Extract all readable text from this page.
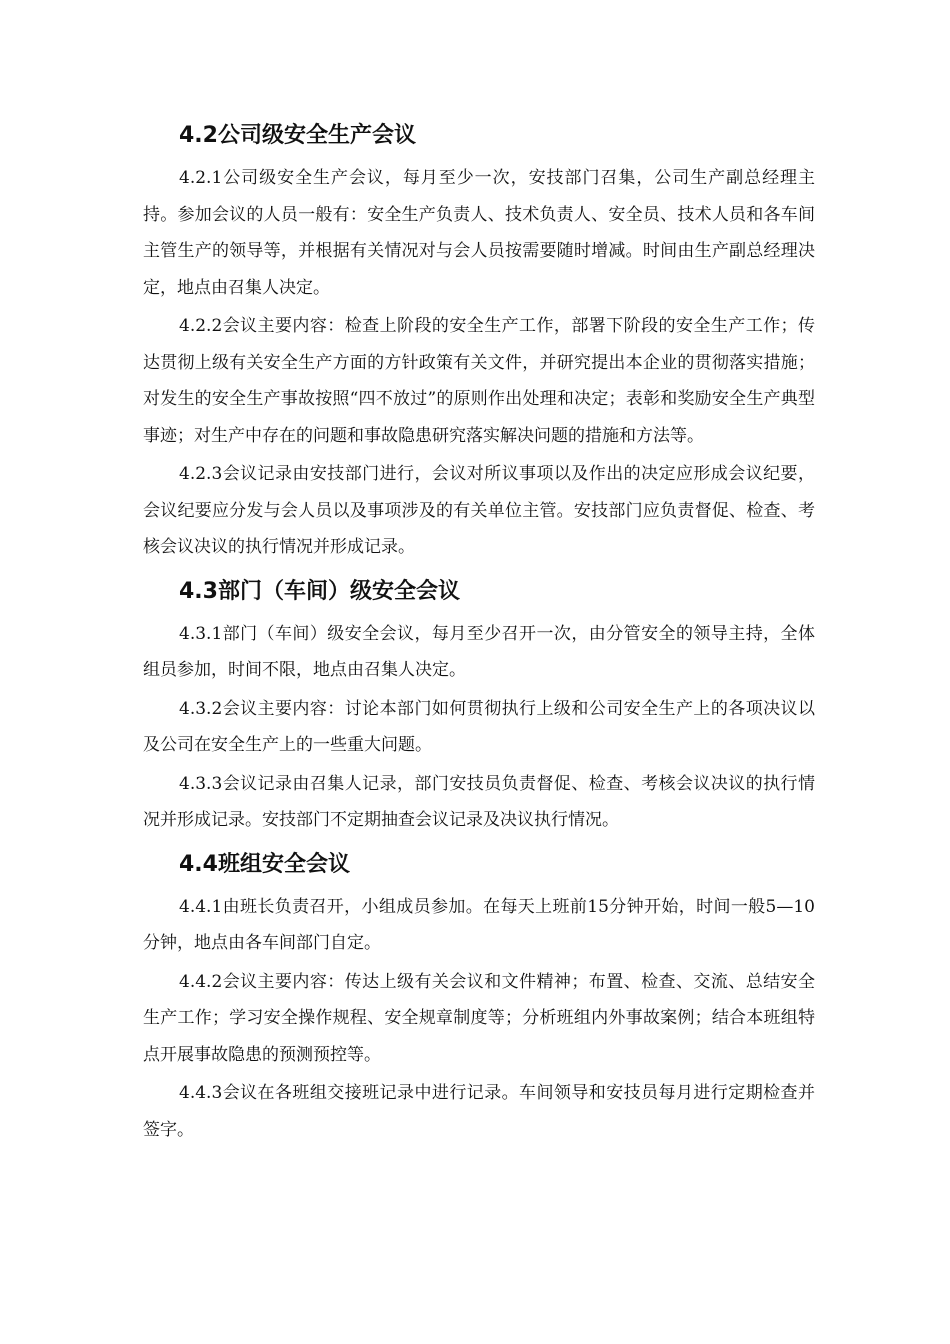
4.2公司级安全生产会议

4.2.1公司级安全生产会议，每月至少一次，安技部门召集，公司生产副总经理主持。参加会议的人员一般有：安全生产负责人、技术负责人、安全员、技术人员和各车间主管生产的领导等，并根据有关情况对与会人员按需要随时增减。时间由生产副总经理决定，地点由召集人决定。

4.2.2会议主要内容：检查上阶段的安全生产工作，部署下阶段的安全生产工作；传达贯彻上级有关安全生产方面的方针政策有关文件，并研究提出本企业的贯彻落实措施；对发生的安全生产事故按照“四不放过”的原则作出处理和决定；表彰和奖励安全生产典型事迹；对生产中存在的问题和事故隐患研究落实解决问题的措施和方法等。

4.2.3会议记录由安技部门进行，会议对所议事项以及作出的决定应形成会议纪要，会议纪要应分发与会人员以及事项涉及的有关单位主管。安技部门应负责督促、检查、考核会议决议的执行情况并形成记录。

4.3部门（车间）级安全会议

4.3.1部门（车间）级安全会议，每月至少召开一次，由分管安全的领导主持，全体组员参加，时间不限，地点由召集人决定。

4.3.2会议主要内容：讨论本部门如何贯彻执行上级和公司安全生产上的各项决议以及公司在安全生产上的一些重大问题。

4.3.3会议记录由召集人记录，部门安技员负责督促、检查、考核会议决议的执行情况并形成记录。安技部门不定期抽查会议记录及决议执行情况。

4.4班组安全会议

4.4.1由班长负责召开，小组成员参加。在每天上班前15分钟开始，时间一般5—10分钟，地点由各车间部门自定。

4.4.2会议主要内容：传达上级有关会议和文件精神；布置、检查、交流、总结安全生产工作；学习安全操作规程、安全规章制度等；分析班组内外事故案例；结合本班组特点开展事故隐患的预测预控等。

4.4.3会议在各班组交接班记录中进行记录。车间领导和安技员每月进行定期检查并签字。
